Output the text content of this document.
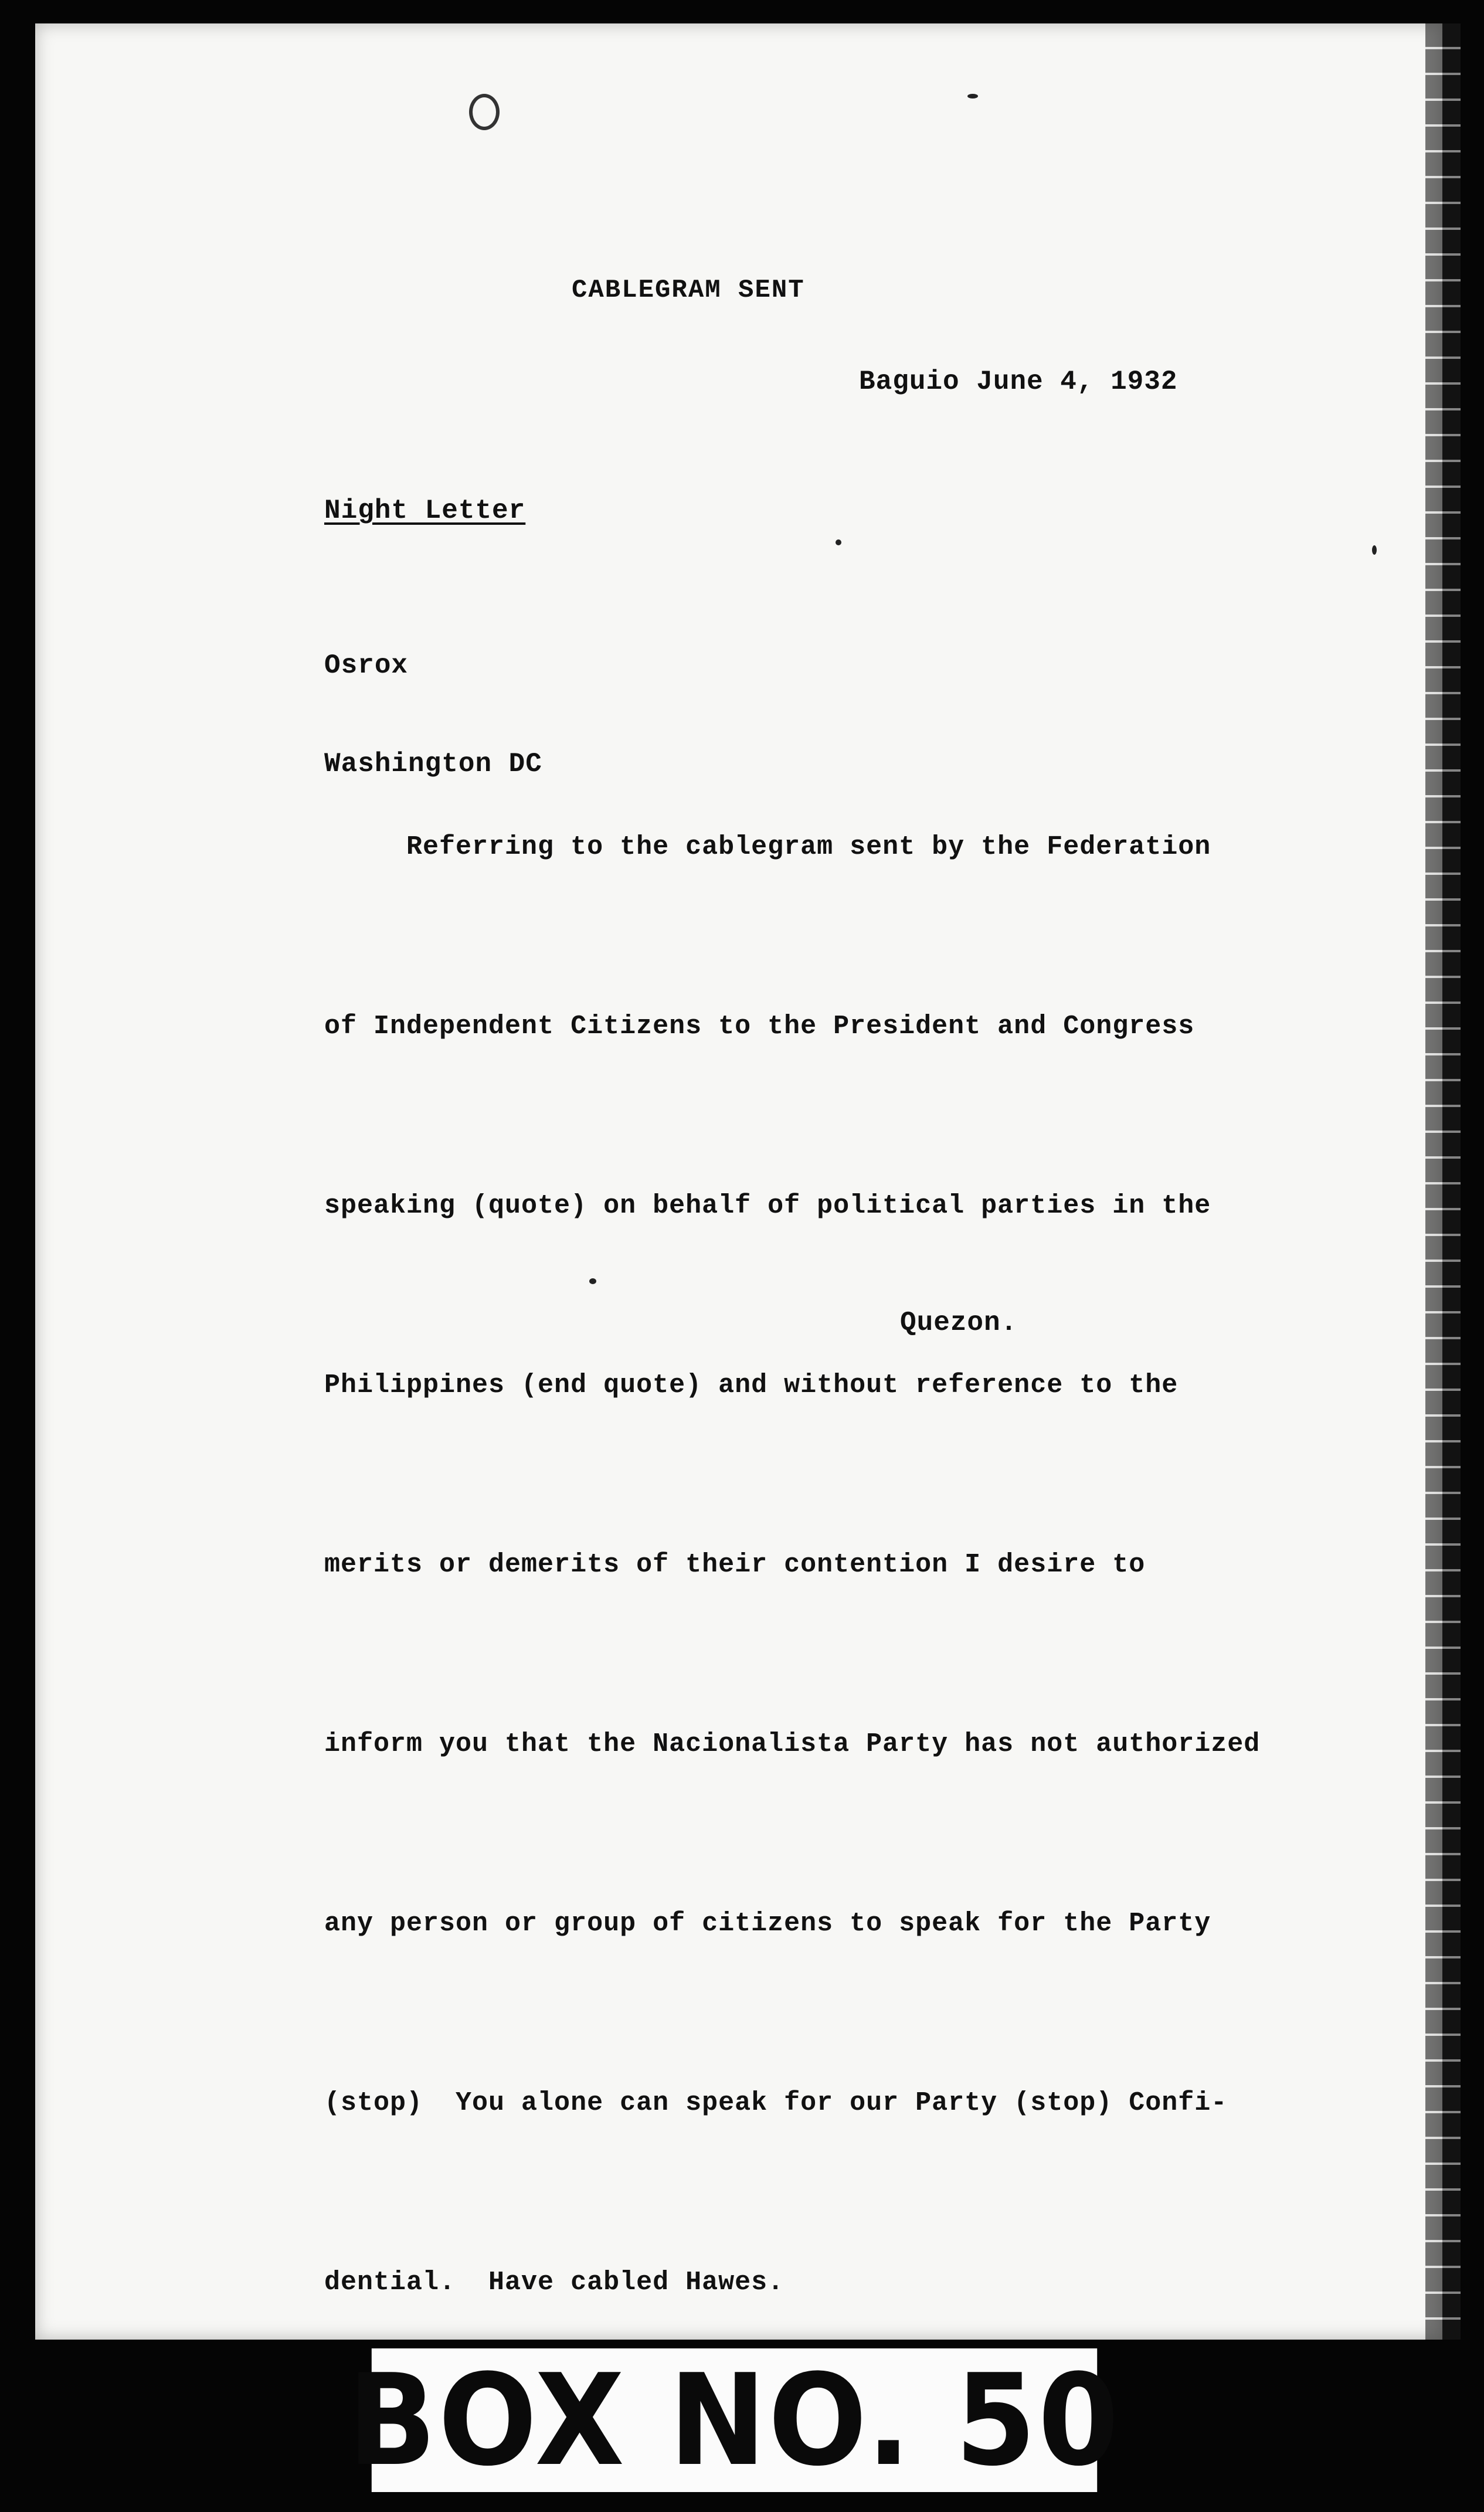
CABLEGRAM SENT
Baguio June 4, 1932
Night Letter

Osrox

Washington DC

Referring to the cablegram sent by the Federation

of Independent Citizens to the President and Congress

speaking (quote) on behalf of political parties in the

Philippines (end quote) and without reference to the

merits or demerits of their contention I desire to

inform you that the Nacionalista Party has not authorized

any person or group of citizens to speak for the Party

(stop)  You alone can speak for our Party (stop) Confi-

dential.  Have cabled Hawes.

Quezon.
BOX NO. 50
